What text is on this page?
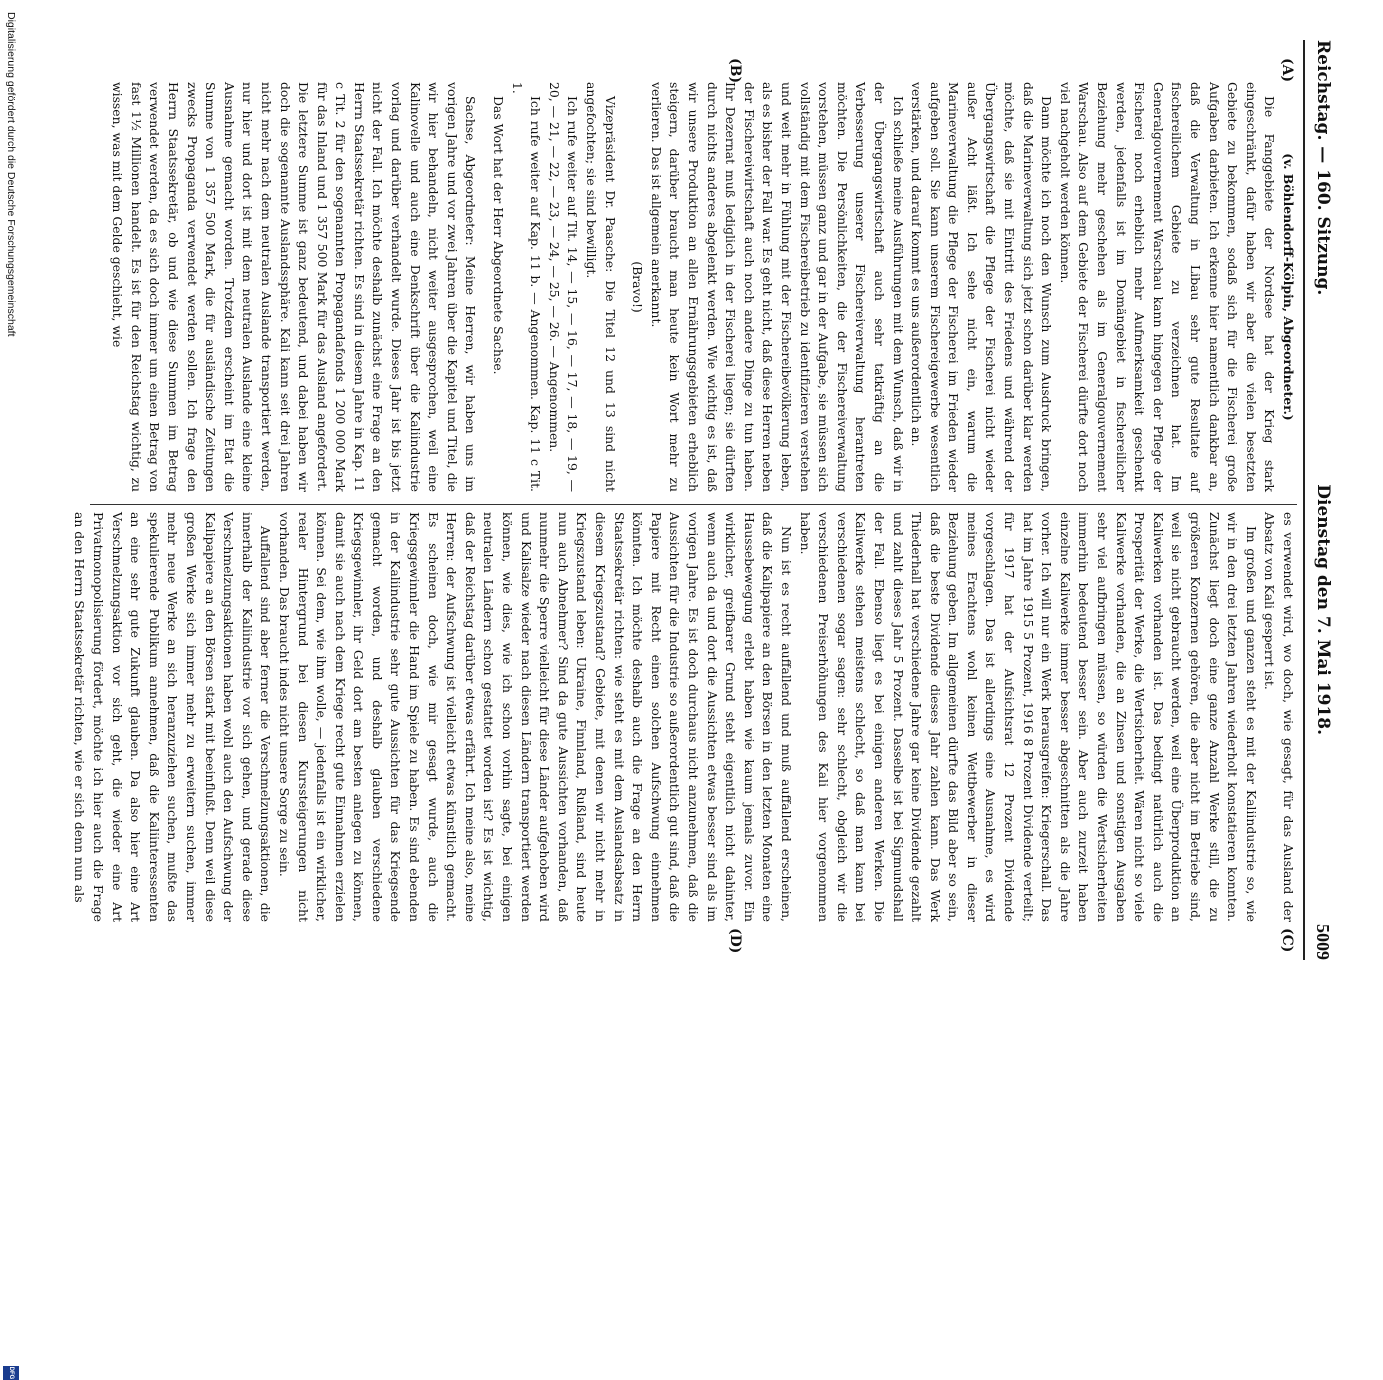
Reichstag. — 160. Sitzung.
Dienstag den 7. Mai 1918.
5009
(A)
(B)
(C)
(D)

(v. Böhlendorff-Kölpin, Abgeordneter.)

Die Fanggebiete der Nordsee hat der Krieg stark eingeschränkt, dafür haben wir aber die vielen besetzten Gebiete zu bekommen, sodaß sich für die Fischerei große Aufgaben darbieten. Ich erkenne hier namentlich dankbar an, daß die Verwaltung in Libau sehr gute Resultate auf fischereilichem Gebiete zu verzeichnen hat. Im Generalgouvernement Warschau kann hingegen der Pflege der Fischerei noch erheblich mehr Aufmerksamkeit geschenkt werden, jedenfalls ist im Domängebiet in fischereilicher Beziehung mehr geschehen als im Generalgouvernement Warschau. Also auf dem Gebiete der Fischerei dürfte dort noch viel nachgeholt werden können.

Dann möchte ich noch den Wunsch zum Ausdruck bringen, daß die Marineverwaltung sich jetzt schon darüber klar werden möchte, daß sie mit Eintritt des Friedens und während der Übergangswirtschaft die Pflege der Fischerei nicht wieder außer Acht läßt. Ich sehe nicht ein, warum die Marineverwaltung die Pflege der Fischerei im Frieden wieder aufgeben soll. Sie kann unserem Fischereigewerbe wesentlich verstärken, und darauf kommt es uns außerordentlich an.

Ich schließe meine Ausführungen mit dem Wunsch, daß wir in der Übergangswirtschaft auch sehr tatkräftig an die Verbesserung unserer Fischereiverwaltung herantreten möchten. Die Persönlichkeiten, die der Fischereiverwaltung vorstehen, müssen ganz und gar in der Aufgabe, sie müssen sich vollständig mit dem Fischereibetrieb zu identifizieren verstehen und weit mehr in Fühlung mit der Fischereibevölkerung leben, als es bisher der Fall war. Es geht nicht, daß diese Herren neben der Fischereiwirtschaft auch noch andere Dinge zu tun haben. Ihr Dezernat muß lediglich in der Fischerei liegen; sie dürften durch nichts anderes abgelenkt werden. Wie wichtig es ist, daß wir unsere Produktion an allen Ernährungsgebieten erheblich steigern, darüber braucht man heute kein Wort mehr zu verlieren. Das ist allgemein anerkannt.

(Bravo!)

Vizepräsident Dr. Paasche: Die Titel 12 und 13 sind nicht angefochten; sie sind bewilligt.

Ich rufe weiter auf Tit. 14, — 15, — 16, — 17, — 18, — 19, — 20, — 21, — 22, — 23, — 24, — 25, — 26. — Angenommen.

Ich rufe weiter auf Kap. 11 b. — Angenommen. Kap. 11 c Tit. 1.

Das Wort hat der Herr Abgeordnete Sachse.

Sachse, Abgeordneter: Meine Herren, wir haben uns im vorigen Jahre und vor zwei Jahren über die Kapitel und Titel, die wir hier behandeln, nicht weiter ausgesprochen, weil eine Kalinovelle und auch eine Denkschrift über die Kaliindustrie vorlag und darüber verhandelt wurde. Dieses Jahr ist bis jetzt nicht der Fall. Ich möchte deshalb zunächst eine Frage an den Herrn Staatssekretär richten. Es sind in diesem Jahre in Kap. 11 c Tit. 2 für den sogenannten Propagandafonds 1 200 000 Mark für das Inland und 1 357 500 Mark für das Ausland angefordert. Die letztere Summe ist ganz bedeutend, und dabei haben wir doch die sogenannte Auslandssphäre. Kali kann seit drei Jahren nicht mehr nach dem neutralen Auslande transportiert werden, nur hier und dort ist mit dem neutralen Auslande eine kleine Ausnahme gemacht worden. Trotzdem erscheint im Etat die Summe von 1 357 500 Mark, die für ausländische Zeitungen zwecks Propaganda verwendet werden sollen. Ich frage den Herrn Staatssekretär, ob und wie diese Summen im Betrag verwendet werden, da es sich doch immer um einen Betrag von fast 1½ Millionen handelt. Es ist für den Reichstag wichtig, zu wissen, was mit dem Gelde geschieht, wie

es verwendet wird, wo doch, wie gesagt, für das Ausland der Absatz von Kali gesperrt ist.

Im großen und ganzen steht es mit der Kaliindustrie so, wie wir in den drei letzten Jahren wiederholt konstatieren konnten. Zunächst liegt doch eine ganze Anzahl Werke still, die zu größeren Konzernen gehören, die aber nicht im Betriebe sind, weil sie nicht gebraucht werden, weil eine Überproduktion an Kaliwerken vorhanden ist. Das bedingt natürlich auch die Prosperität der Werke, die Wertsicherheit. Wären nicht so viele Kaliwerke vorhanden, die an Zinsen und sonstigen Ausgaben sehr viel aufbringen müssen, so würden die Wertsicherheiten immerhin bedeutend besser sein. Aber auch zurzeit haben einzelne Kaliwerke immer besser abgeschnitten als die Jahre vorher. Ich will nur ein Werk herausgreifen: Kriegerschall. Das hat im Jahre 1915 5 Prozent, 1916 8 Prozent Dividende verteilt; für 1917 hat der Aufsichtsrat 12 Prozent Dividende vorgeschlagen. Das ist allerdings eine Ausnahme, es wird meines Erachtens wohl keinen Wettbewerber in dieser Beziehung geben. Im allgemeinen dürfte das Bild aber so sein, daß die beste Dividende dieses Jahr zahlen kann. Das Werk Thiederhall hat verschiedene Jahre gar keine Dividende gezahlt und zahlt dieses Jahr 5 Prozent. Dasselbe ist bei Sigmundshall der Fall. Ebenso liegt es bei einigen anderen Werken. Die Kaliwerke stehen meistens schlecht, so daß man kann bei verschiedenen sogar sagen: sehr schlecht, obgleich wir die verschiedenen Preiserhöhungen des Kali hier vorgenommen haben.

Nun ist es recht auffallend und muß auffallend erscheinen, daß die Kalipapiere an den Börsen in den letzten Monaten eine Haussebewegung erlebt haben wie kaum jemals zuvor. Ein wirklicher, greifbarer Grund steht eigentlich nicht dahinter, wenn auch da und dort die Aussichten etwas besser sind als im vorigen Jahre. Es ist doch durchaus nicht anzunehmen, daß die Aussichten für die Industrie so außerordentlich gut sind, daß die Papiere mit Recht einen solchen Aufschwung einnehmen könnten. Ich möchte deshalb auch die Frage an den Herrn Staatssekretär richten: wie steht es mit dem Auslandsabsatz in diesem Kriegszustand? Gebiete, mit denen wir nicht mehr in Kriegszustand leben: Ukraine, Finnland, Rußland, sind heute nun auch Abnehmer? Sind da gute Aussichten vorhanden, daß nunmehr die Sperre vielleicht für diese Länder aufgehoben wird und Kalisalze wieder nach diesen Ländern transportiert werden können, wie dies, wie ich schon vorhin sagte, bei einigen neutralen Ländern schon gestattet worden ist? Es ist wichtig, daß der Reichstag darüber etwas erfährt. Ich meine also, meine Herren: der Aufschwung ist vielleicht etwas künstlich gemacht. Es scheinen doch, wie mir gesagt wurde, auch die Kriegsgewinnler die Hand im Spiele zu haben. Es sind ebenden in der Kaliindustrie sehr gute Aussichten für das Kriegsende gemacht worden, und deshalb glauben verschiedene Kriegsgewinnler, ihr Geld dort am besten anlegen zu können, damit sie auch nach dem Kriege recht gute Einnahmen erzielen können. Sei dem, wie ihm wolle, — jedenfalls ist ein wirklicher, realer Hintergrund bei diesen Kurssteigerungen nicht vorhanden. Das braucht indes nicht unsere Sorge zu sein.

Auffallend sind aber ferner die Verschmelzungsaktionen, die innerhalb der Kaliindustrie vor sich gehen, und gerade diese Verschmelzungsaktionen haben wohl auch den Aufschwung der Kalipapiere an den Börsen stark mit beeinflußt. Denn weil diese großen Werke sich immer mehr zu erweitern suchen, immer mehr neue Werke an sich heranzuziehen suchen, mußte das spekulierende Publikum annehmen, daß die Kaliinteressenten an eine sehr gute Zukunft glauben. Da also hier eine Art Verschmelzungsaktion vor sich geht, die wieder eine Art Privatmonopolisierung fördert, möchte ich hier auch die Frage an den Herrn Staatssekretär richten, wie er sich denn nun als

Digitalisierung gefördert durch die Deutsche Forschungsgemeinschaft
DFG
